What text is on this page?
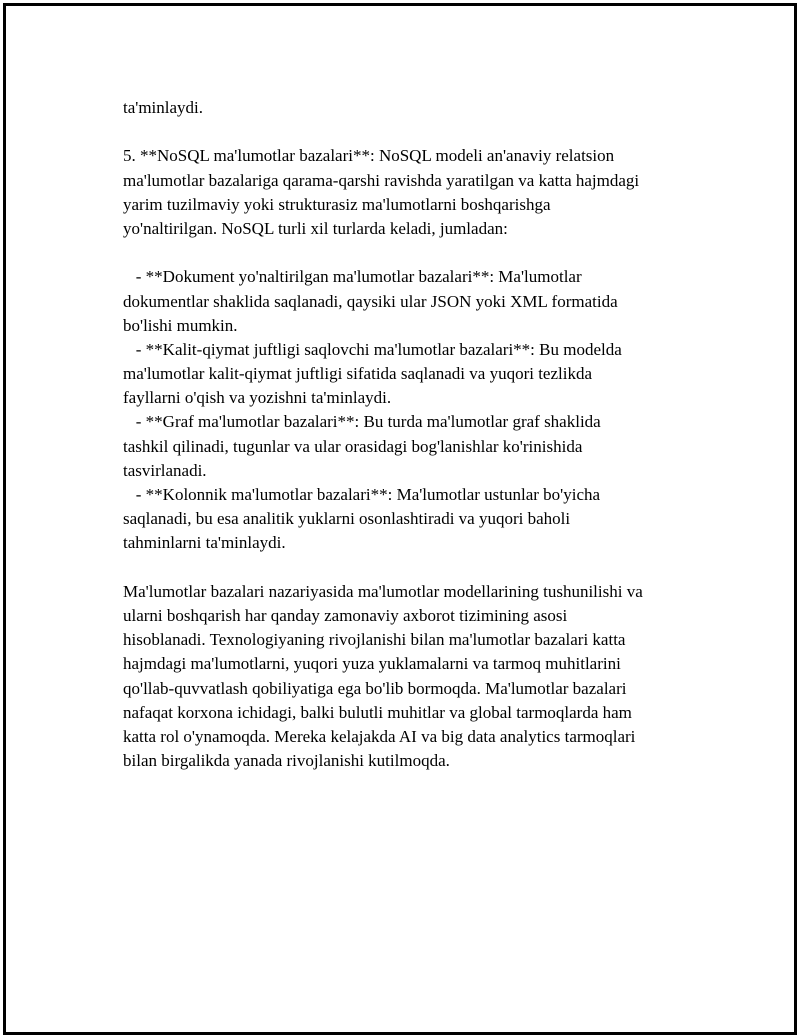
ta'minlaydi.
5. **NoSQL ma'lumotlar bazalari**: NoSQL modeli an'anaviy relatsion
ma'lumotlar bazalariga qarama-qarshi ravishda yaratilgan va katta hajmdagi
yarim tuzilmaviy yoki strukturasiz ma'lumotlarni boshqarishga
yo'naltirilgan. NoSQL turli xil turlarda keladi, jumladan:
- **Dokument yo'naltirilgan ma'lumotlar bazalari**: Ma'lumotlar
dokumentlar shaklida saqlanadi, qaysiki ular JSON yoki XML formatida
bo'lishi mumkin.
- **Kalit-qiymat juftligi saqlovchi ma'lumotlar bazalari**: Bu modelda
ma'lumotlar kalit-qiymat juftligi sifatida saqlanadi va yuqori tezlikda
fayllarni o'qish va yozishni ta'minlaydi.
- **Graf ma'lumotlar bazalari**: Bu turda ma'lumotlar graf shaklida
tashkil qilinadi, tugunlar va ular orasidagi bog'lanishlar ko'rinishida
tasvirlanadi.
- **Kolonnik ma'lumotlar bazalari**: Ma'lumotlar ustunlar bo'yicha
saqlanadi, bu esa analitik yuklarni osonlashtiradi va yuqori baholi
tahminlarni ta'minlaydi.
Ma'lumotlar bazalari nazariyasida ma'lumotlar modellarining tushunilishi va
ularni boshqarish har qanday zamonaviy axborot tizimining asosi
hisoblanadi. Texnologiyaning rivojlanishi bilan ma'lumotlar bazalari katta
hajmdagi ma'lumotlarni, yuqori yuza yuklamalarni va tarmoq muhitlarini
qo'llab-quvvatlash qobiliyatiga ega bo'lib bormoqda. Ma'lumotlar bazalari
nafaqat korxona ichidagi, balki bulutli muhitlar va global tarmoqlarda ham
katta rol o'ynamoqda. Mereka kelajakda AI va big data analytics tarmoqlari
bilan birgalikda yanada rivojlanishi kutilmoqda.
